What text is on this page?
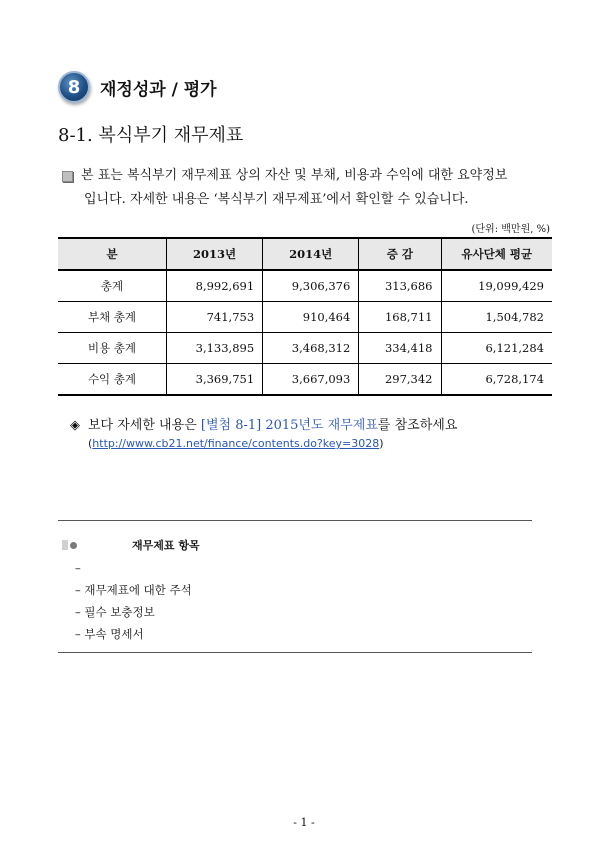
8	재정성과 / 평가
8-1. 복식부기 재무제표
본 표는 복식부기 재무제표 상의 자산 및 부채, 비용과 수익에 대한 요약정보
입니다. 자세한 내용은 ‘복식부기 재무제표’에서 확인할 수 있습니다.
(단위: 백만원, %)
분	2013년	2014년	증 감	유사단체 평균
총계	8,992,691	9,306,376	313,686	19,099,429
부채 총계	741,753	910,464	168,711	1,504,782
비용 총계	3,133,895	3,468,312	334,418	6,121,284
수익 총계	3,369,751	3,667,093	297,342	6,728,174
◈ 보다 자세한 내용은 [별첨 8-1] 2015년도 재무제표를 참조하세요
(http://www.cb21.net/finance/contents.do?key=3028)
재무제표 항목
–
– 재무제표에 대한 주석
– 필수 보충정보
– 부속 명세서
- 1 -
